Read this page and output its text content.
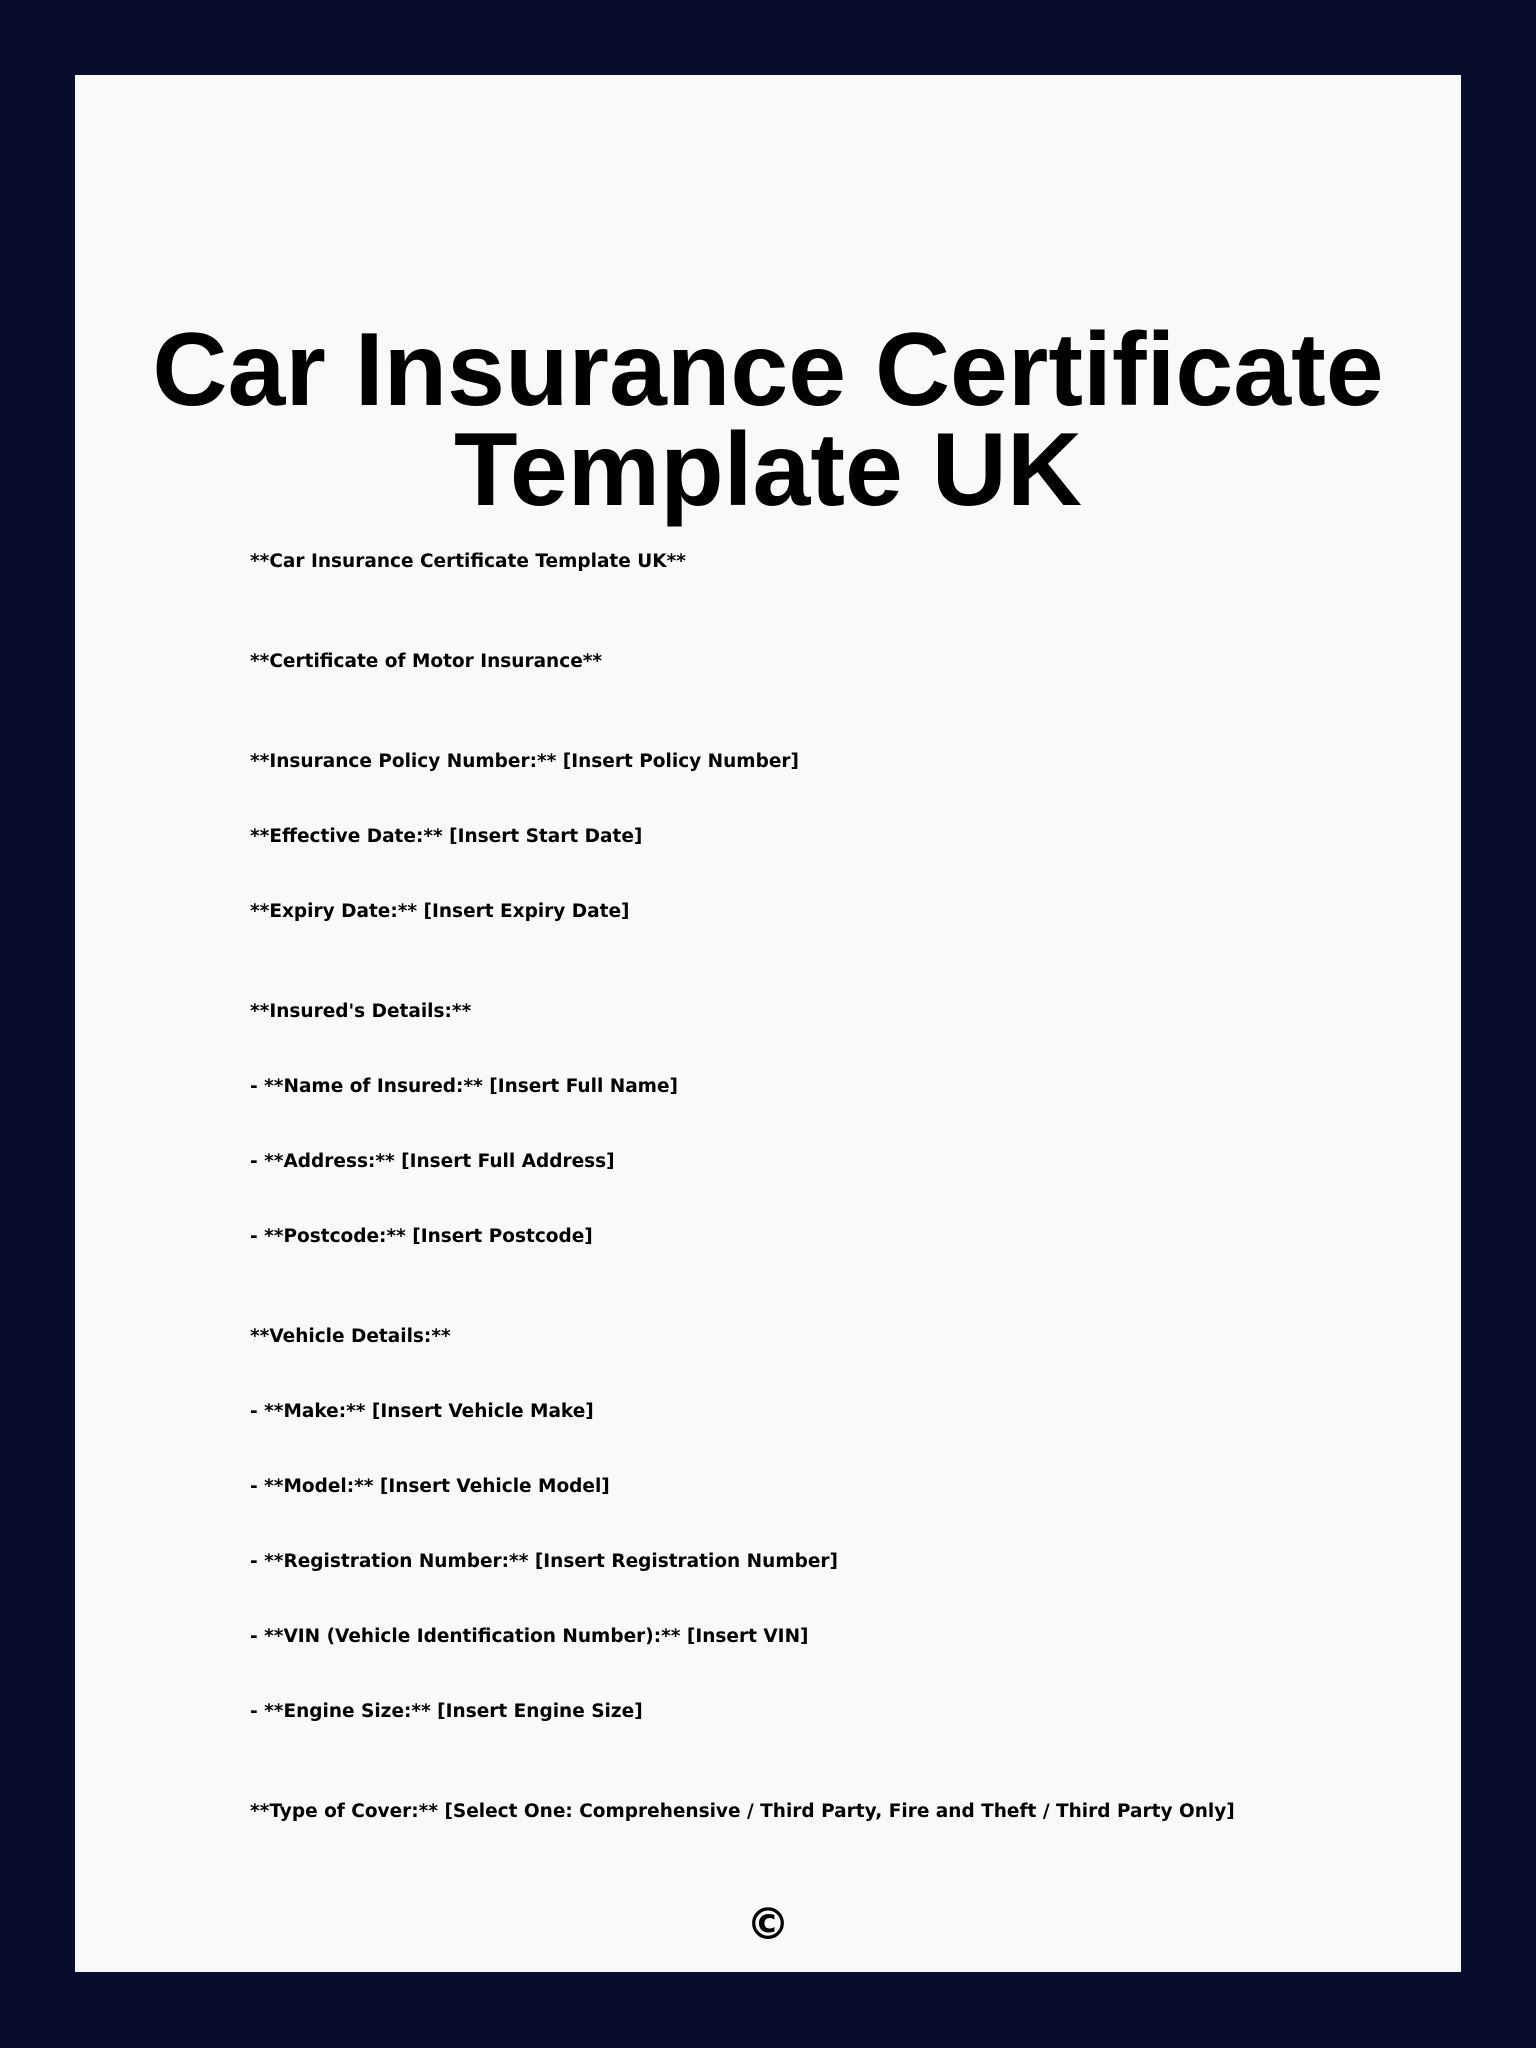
Car Insurance Certificate
Template UK
**Car Insurance Certificate Template UK**
**Certificate of Motor Insurance**
**Insurance Policy Number:** [Insert Policy Number]
**Effective Date:** [Insert Start Date]
**Expiry Date:** [Insert Expiry Date]
**Insured's Details:**
- **Name of Insured:** [Insert Full Name]
- **Address:** [Insert Full Address]
- **Postcode:** [Insert Postcode]
**Vehicle Details:**
- **Make:** [Insert Vehicle Make]
- **Model:** [Insert Vehicle Model]
- **Registration Number:** [Insert Registration Number]
- **VIN (Vehicle Identification Number):** [Insert VIN]
- **Engine Size:** [Insert Engine Size]
**Type of Cover:** [Select One: Comprehensive / Third Party, Fire and Theft / Third Party Only]
©
